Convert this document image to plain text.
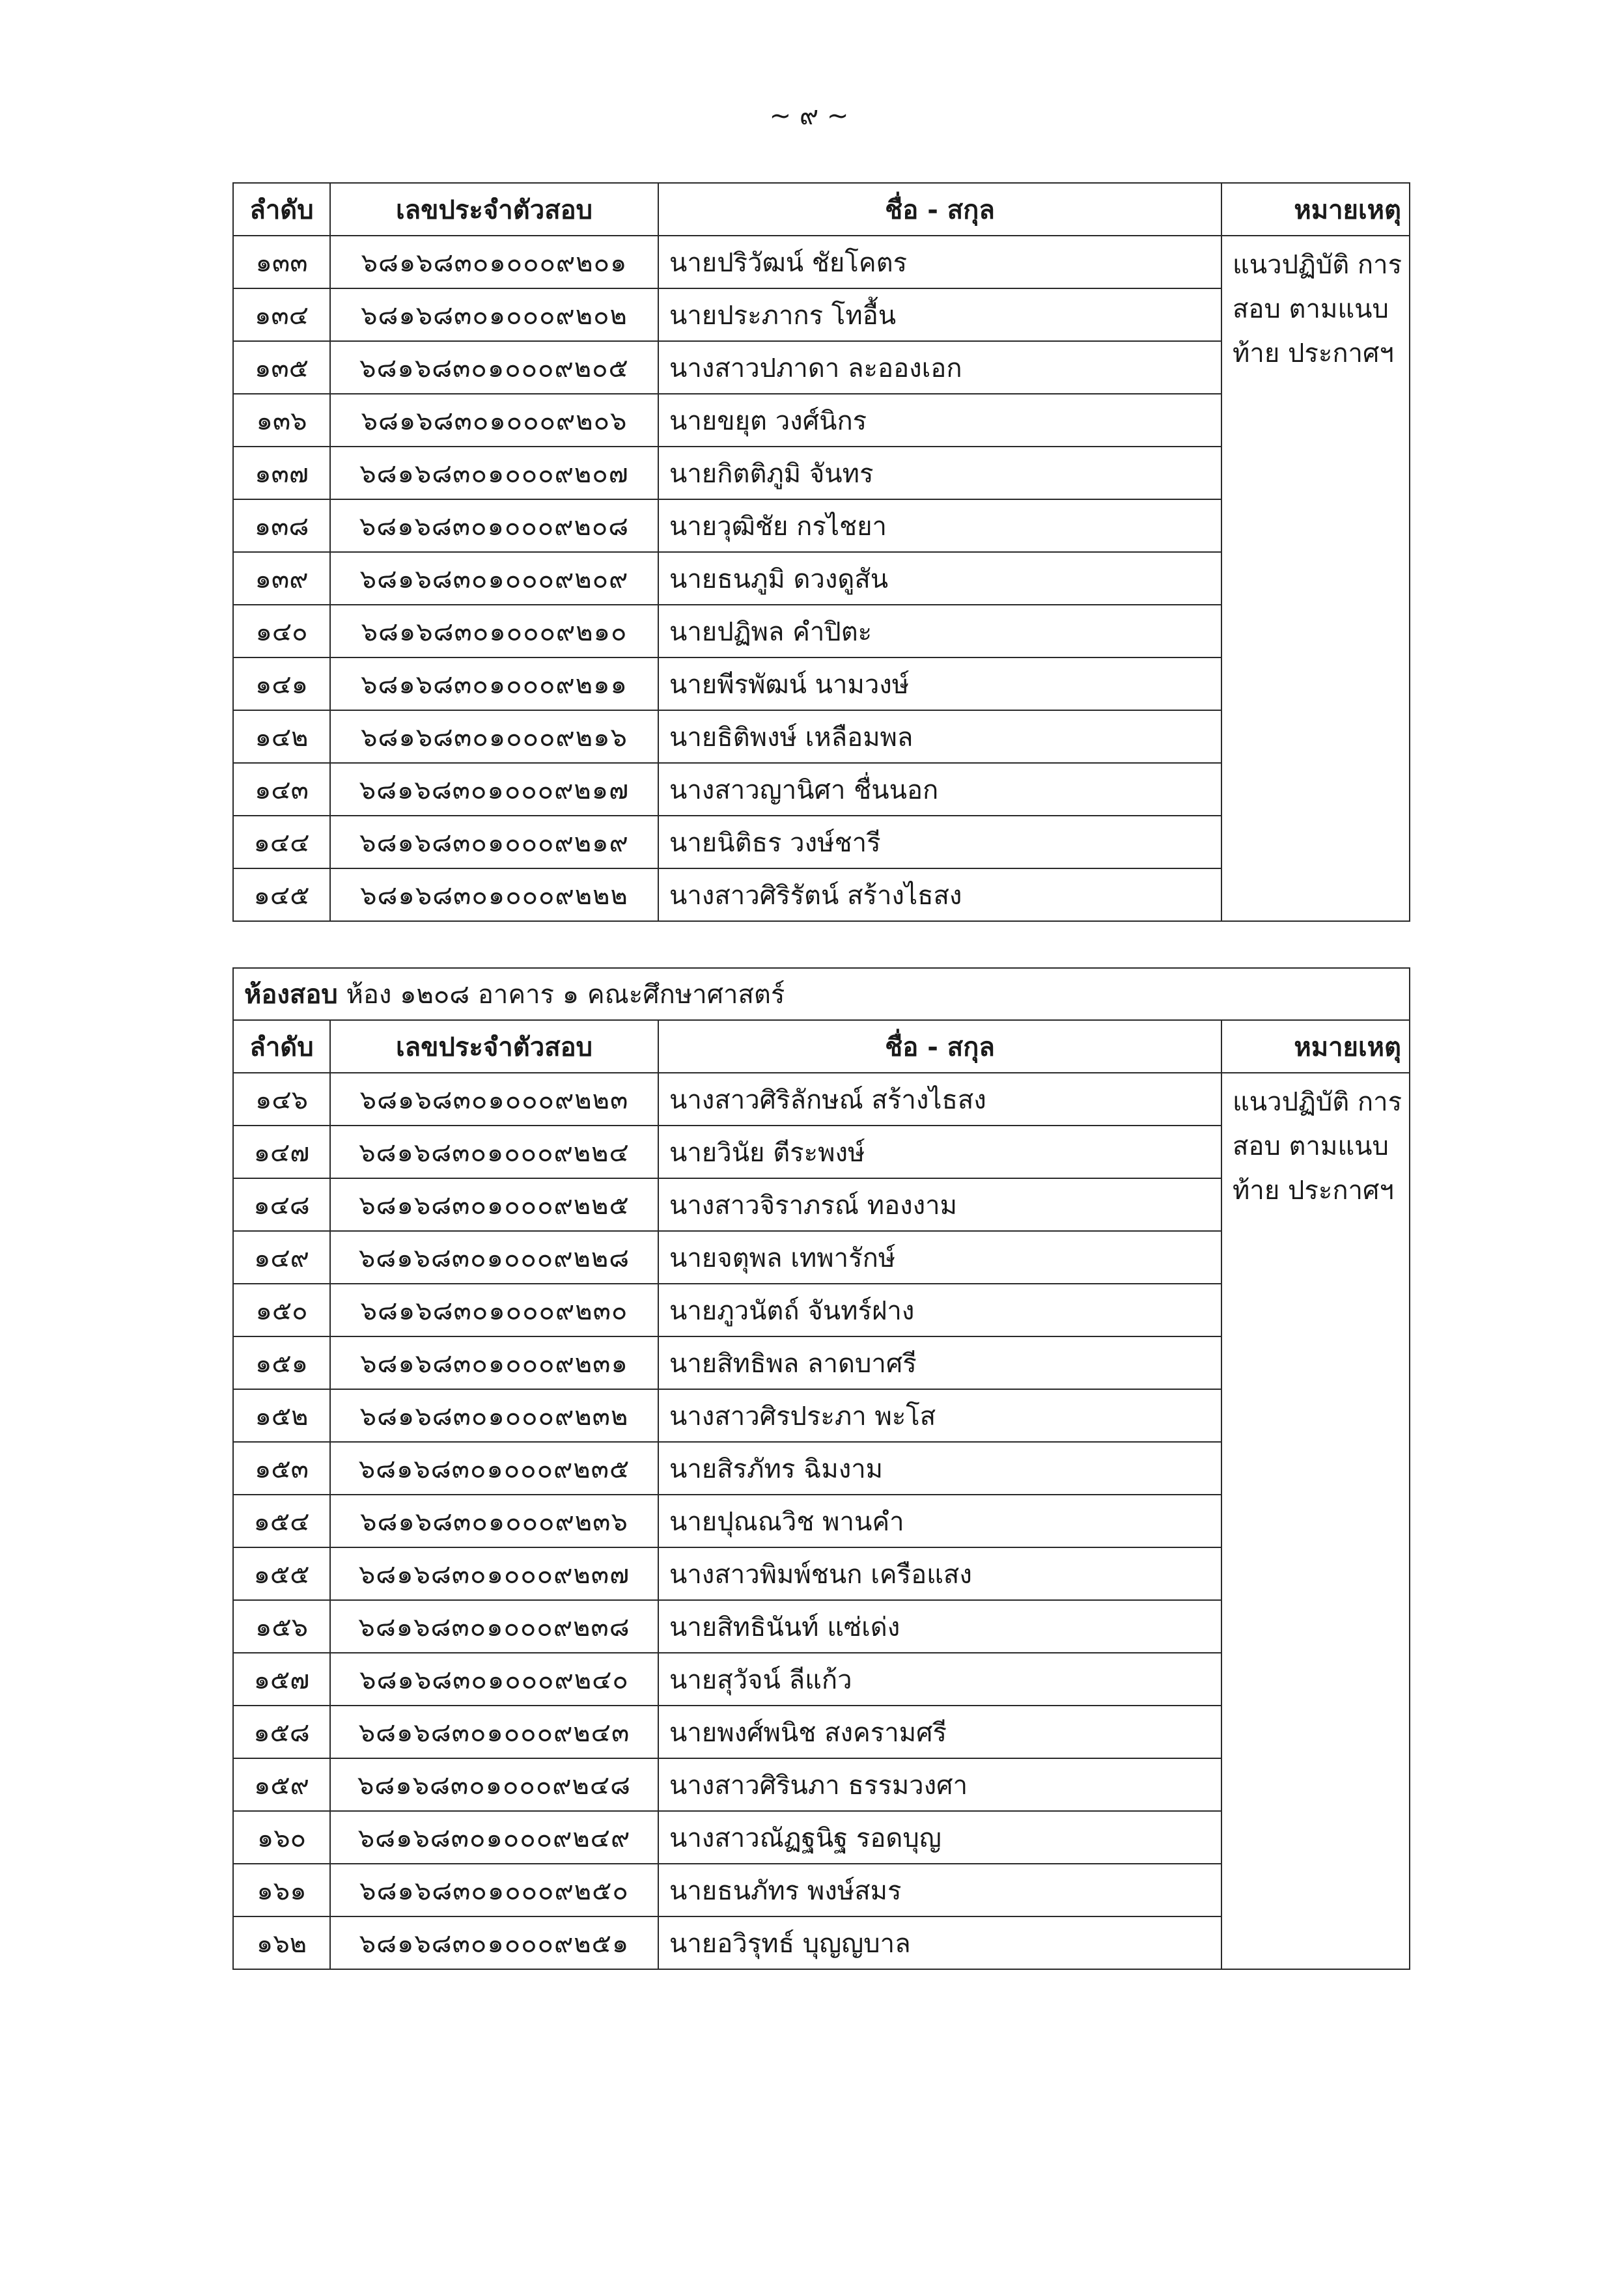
~ ๙ ~
ลำดับ	เลขประจำตัวสอบ	ชื่อ - สกุล	หมายเหตุ
๑๓๓	๖๘๑๖๘๓๐๑๐๐๐๙๒๐๑	นายปริวัฒน์ ชัยโคตร	แนวปฏิบัติ การสอบ ตามแนบท้าย ประกาศฯ
๑๓๔	๖๘๑๖๘๓๐๑๐๐๐๙๒๐๒	นายประภากร โทอื้น	
๑๓๕	๖๘๑๖๘๓๐๑๐๐๐๙๒๐๕	นางสาวปภาดา ละอองเอก	
๑๓๖	๖๘๑๖๘๓๐๑๐๐๐๙๒๐๖	นายขยุต วงศ์นิกร	
๑๓๗	๖๘๑๖๘๓๐๑๐๐๐๙๒๐๗	นายกิตติภูมิ จันทร	
๑๓๘	๖๘๑๖๘๓๐๑๐๐๐๙๒๐๘	นายวุฒิชัย กรไชยา	
๑๓๙	๖๘๑๖๘๓๐๑๐๐๐๙๒๐๙	นายธนภูมิ ดวงดูสัน	
๑๔๐	๖๘๑๖๘๓๐๑๐๐๐๙๒๑๐	นายปฏิพล คำปิตะ	
๑๔๑	๖๘๑๖๘๓๐๑๐๐๐๙๒๑๑	นายพีรพัฒน์ นามวงษ์	
๑๔๒	๖๘๑๖๘๓๐๑๐๐๐๙๒๑๖	นายธิติพงษ์ เหลือมพล	
๑๔๓	๖๘๑๖๘๓๐๑๐๐๐๙๒๑๗	นางสาวญานิศา ชื่นนอก	
๑๔๔	๖๘๑๖๘๓๐๑๐๐๐๙๒๑๙	นายนิติธร วงษ์ชารี	
๑๔๕	๖๘๑๖๘๓๐๑๐๐๐๙๒๒๒	นางสาวศิริรัตน์ สร้างไธสง	
ห้องสอบ ห้อง ๑๒๐๘ อาคาร ๑ คณะศึกษาศาสตร์			
ลำดับ	เลขประจำตัวสอบ	ชื่อ - สกุล	หมายเหตุ
๑๔๖	๖๘๑๖๘๓๐๑๐๐๐๙๒๒๓	นางสาวศิริลักษณ์ สร้างไธสง	แนวปฏิบัติ การสอบ ตามแนบท้าย ประกาศฯ
๑๔๗	๖๘๑๖๘๓๐๑๐๐๐๙๒๒๔	นายวินัย ตีระพงษ์	
๑๔๘	๖๘๑๖๘๓๐๑๐๐๐๙๒๒๕	นางสาวจิราภรณ์ ทองงาม	
๑๔๙	๖๘๑๖๘๓๐๑๐๐๐๙๒๒๘	นายจตุพล เทพารักษ์	
๑๕๐	๖๘๑๖๘๓๐๑๐๐๐๙๒๓๐	นายภูวนัตถ์ จันทร์ฝาง	
๑๕๑	๖๘๑๖๘๓๐๑๐๐๐๙๒๓๑	นายสิทธิพล ลาดบาศรี	
๑๕๒	๖๘๑๖๘๓๐๑๐๐๐๙๒๓๒	นางสาวศิรประภา พะโส	
๑๕๓	๖๘๑๖๘๓๐๑๐๐๐๙๒๓๕	นายสิรภัทร ฉิมงาม	
๑๕๔	๖๘๑๖๘๓๐๑๐๐๐๙๒๓๖	นายปุณณวิช พานคำ	
๑๕๕	๖๘๑๖๘๓๐๑๐๐๐๙๒๓๗	นางสาวพิมพ์ชนก เครือแสง	
๑๕๖	๖๘๑๖๘๓๐๑๐๐๐๙๒๓๘	นายสิทธินันท์ แซ่เด่ง	
๑๕๗	๖๘๑๖๘๓๐๑๐๐๐๙๒๔๐	นายสุวัจน์ ลีแก้ว	
๑๕๘	๖๘๑๖๘๓๐๑๐๐๐๙๒๔๓	นายพงศ์พนิช สงครามศรี	
๑๕๙	๖๘๑๖๘๓๐๑๐๐๐๙๒๔๘	นางสาวศิรินภา ธรรมวงศา	
๑๖๐	๖๘๑๖๘๓๐๑๐๐๐๙๒๔๙	นางสาวณัฏฐนิฐ รอดบุญ	
๑๖๑	๖๘๑๖๘๓๐๑๐๐๐๙๒๕๐	นายธนภัทร พงษ์สมร	
๑๖๒	๖๘๑๖๘๓๐๑๐๐๐๙๒๕๑	นายอวิรุทธ์ บุญญบาล	
